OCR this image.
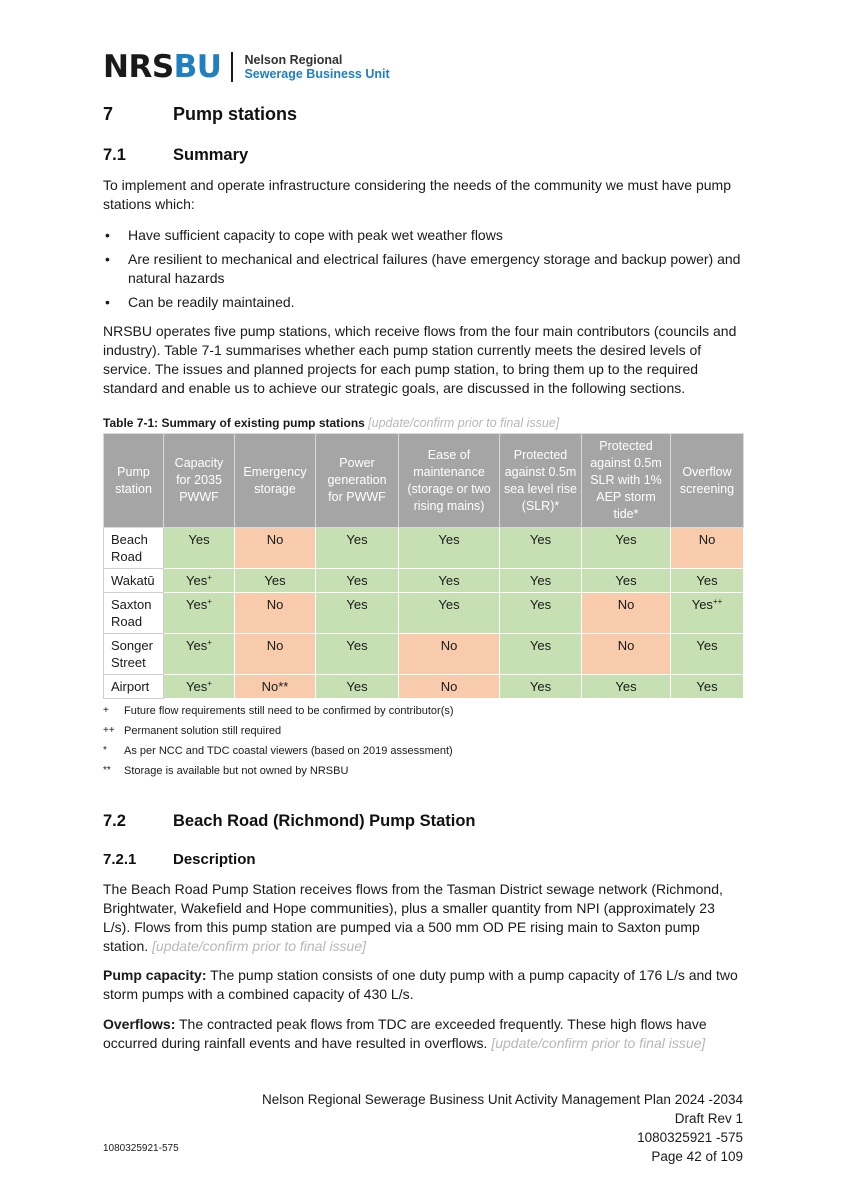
NRSBU Nelson Regional
Sewerage Business Unit
7	Pump stations
7.1	Summary
To implement and operate infrastructure considering the needs of the community we must have pump stations which:
• Have sufficient capacity to cope with peak wet weather flows
• Are resilient to mechanical and electrical failures (have emergency storage and backup power) and natural hazards
• Can be readily maintained.
NRSBU operates five pump stations, which receive flows from the four main contributors (councils and industry). Table 7-1 summarises whether each pump station currently meets the desired levels of service. The issues and planned projects for each pump station, to bring them up to the required standard and enable us to achieve our strategic goals, are discussed in the following sections.
Table 7-1: Summary of existing pump stations [update/confirm prior to final issue]
Pump station	Capacity for 2035 PWWF	Emergency storage	Power generation for PWWF	Ease of maintenance (storage or two rising mains)	Protected against 0.5m sea level rise (SLR)*	Protected against 0.5m SLR with 1% AEP storm tide*	Overflow screening
Beach Road	Yes	No	Yes	Yes	Yes	Yes	No
Wakatū	Yes+	Yes	Yes	Yes	Yes	Yes	Yes
Saxton Road	Yes+	No	Yes	Yes	Yes	No	Yes++
Songer Street	Yes+	No	Yes	No	Yes	No	Yes
Airport	Yes+	No**	Yes	No	Yes	Yes	Yes
+ Future flow requirements still need to be confirmed by contributor(s)
++ Permanent solution still required
* As per NCC and TDC coastal viewers (based on 2019 assessment)
** Storage is available but not owned by NRSBU
7.2	Beach Road (Richmond) Pump Station
7.2.1 Description
The Beach Road Pump Station receives flows from the Tasman District sewage network (Richmond, Brightwater, Wakefield and Hope communities), plus a smaller quantity from NPI (approximately 23 L/s). Flows from this pump station are pumped via a 500 mm OD PE rising main to Saxton pump station. [update/confirm prior to final issue]
Pump capacity: The pump station consists of one duty pump with a pump capacity of 176 L/s and two storm pumps with a combined capacity of 430 L/s.
Overflows: The contracted peak flows from TDC are exceeded frequently. These high flows have occurred during rainfall events and have resulted in overflows. [update/confirm prior to final issue]
Nelson Regional Sewerage Business Unit Activity Management Plan 2024 -2034
Draft Rev 1
1080325921 -575
Page 42 of 109
1080325921-575
